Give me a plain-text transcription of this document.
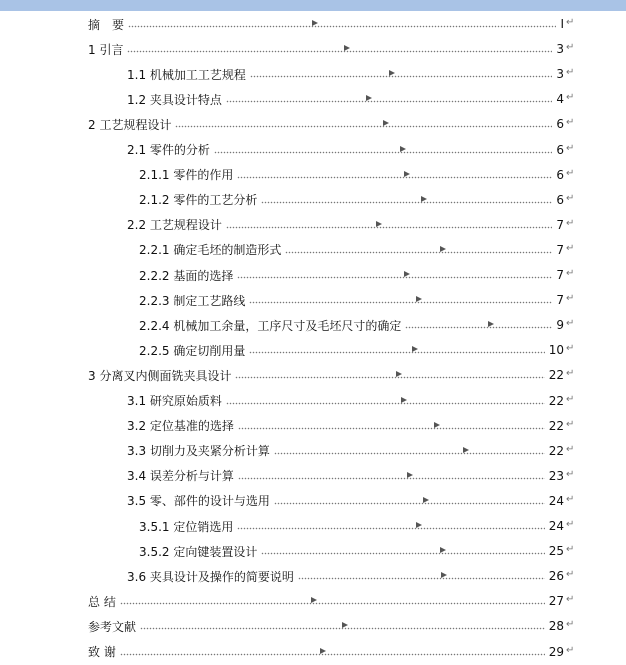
摘　要	I ↵
1 引言	3 ↵
1.1 机械加工工艺规程	3 ↵
1.2 夹具设计特点	4 ↵
2 工艺规程设计	6 ↵
2.1 零件的分析	6 ↵
2.1.1 零件的作用	6 ↵
2.1.2 零件的工艺分析	6 ↵
2.2 工艺规程设计	7 ↵
2.2.1 确定毛坯的制造形式	7 ↵
2.2.2 基面的选择	7 ↵
2.2.3 制定工艺路线	7 ↵
2.2.4 机械加工余量，工序尺寸及毛坯尺寸的确定	9 ↵
2.2.5 确定切削用量	10 ↵
3 分离叉内侧面铣夹具设计	22 ↵
3.1 研究原始质料	22 ↵
3.2 定位基准的选择	22 ↵
3.3 切削力及夹紧分析计算	22 ↵
3.4 误差分析与计算	23 ↵
3.5 零、部件的设计与选用	24 ↵
3.5.1 定位销选用	24 ↵
3.5.2 定向键装置设计	25 ↵
3.6 夹具设计及操作的简要说明	26 ↵
总 结	27 ↵
参考文献	28 ↵
致 谢	29 ↵
